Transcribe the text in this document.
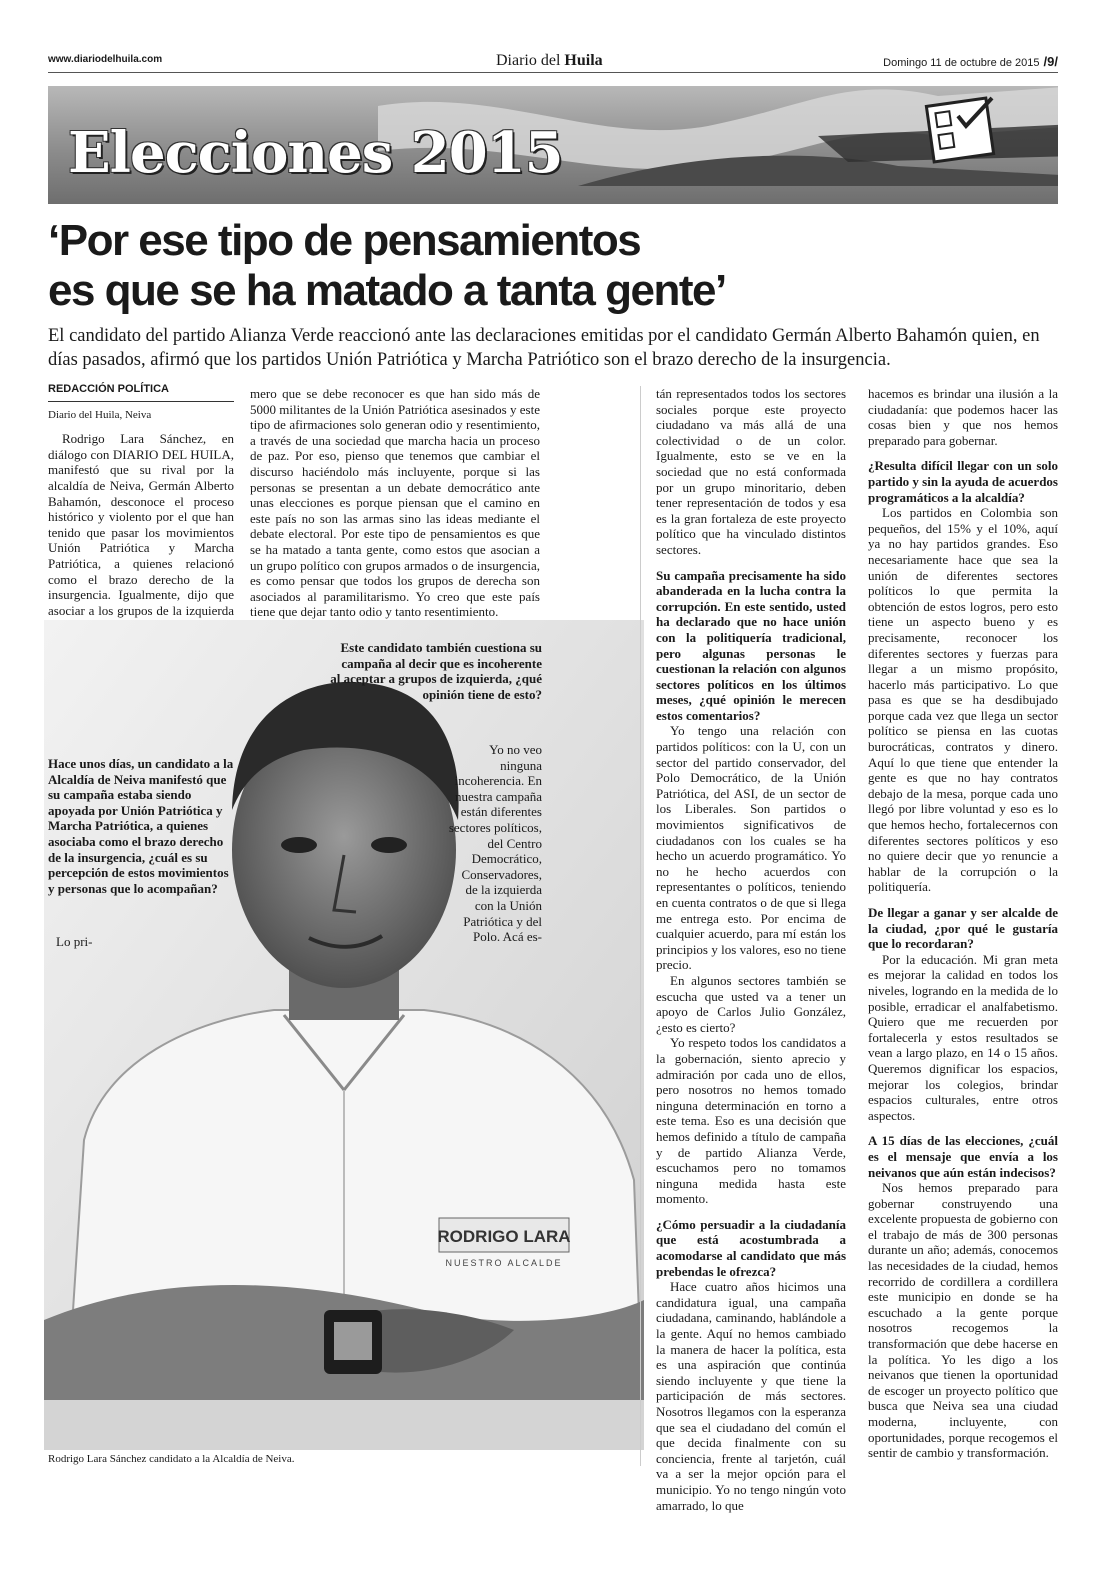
www.diariodelhuila.com	Diario del Huila	Domingo 11 de octubre de 2015 /9/
Elecciones 2015
‘Por ese tipo de pensamientos
es que se ha matado a tanta gente’

El candidato del partido Alianza Verde reaccionó ante las declaraciones emitidas por el candidato Germán Alberto Bahamón quien, en días pasados, afirmó que los partidos Unión Patriótica y Marcha Patriótico son el brazo derecho de la insurgencia.

REDACCIÓN POLÍTICA
Diario del Huila, Neiva

Rodrigo Lara Sánchez, en diálogo con DIARIO DEL HUILA, manifestó que su rival por la alcaldía de Neiva, Germán Alberto Bahamón, desconoce el proceso histórico y violento por el que han tenido que pasar los movimientos Unión Patriótica y Marcha Patriótica, a quienes relacionó como el brazo derecho de la insurgencia. Igualmente, dijo que asociar a los grupos de la izquierda

mero que se debe reconocer es que han sido más de 5000 militantes de la Unión Patriótica asesinados y este tipo de afirmaciones solo generan odio y resentimiento, a través de una sociedad que marcha hacia un proceso de paz. Por eso, pienso que tenemos que cambiar el discurso haciéndolo más incluyente, porque si las personas se presentan a un debate democrático ante unas elecciones es porque piensan que el camino en este país no son las armas sino las ideas mediante el debate electoral. Por este tipo de pensamientos es que se ha matado a tanta gente, como estos que asocian a un grupo político con grupos armados o de insurgencia, es como pensar que todos los grupos de derecha son asociados al paramilitarismo. Yo creo que este país tiene que dejar tanto odio y tanto resentimiento.

RODRIGO LARA
NUESTRO ALCALDE
Rodrigo Lara Sánchez candidato a la Alcaldía de Neiva.
Este candidato también cuestiona su campaña al decir que es incoherente al aceptar a grupos de izquierda, ¿qué opinión tiene de esto?
Yo no veo ninguna incoherencia. En nuestra campaña están diferentes sectores políticos, del Centro Democrático, Conservadores, de la izquierda con la Unión Patriótica y del Polo. Acá es-
Hace unos días, un candidato a la Alcaldía de Neiva manifestó que su campaña estaba siendo apoyada por Unión Patriótica y Marcha Patriótica, a quienes asociaba como el brazo derecho de la insurgencia, ¿cuál es su percepción de estos movimientos y personas que lo acompañan?
Lo pri-

tán representados todos los sectores sociales porque este proyecto ciudadano va más allá de una colectividad o de un color. Igualmente, esto se ve en la sociedad que no está conformada por un grupo minoritario, deben tener representación de todos y esa es la gran fortaleza de este proyecto político que ha vinculado distintos sectores.

Su campaña precisamente ha sido abanderada en la lucha contra la corrupción. En este sentido, usted ha declarado que no hace unión con la politiquería tradicional, pero algunas personas le cuestionan la relación con algunos sectores políticos en los últimos meses, ¿qué opinión le merecen estos comentarios?

Yo tengo una relación con partidos políticos: con la U, con un sector del partido conservador, del Polo Democrático, de la Unión Patriótica, del ASI, de un sector de los Liberales. Son partidos o movimientos significativos de ciudadanos con los cuales se ha hecho un acuerdo programático. Yo no he hecho acuerdos con representantes o políticos, teniendo en cuenta contratos o de que si llega me entrega esto. Por encima de cualquier acuerdo, para mí están los principios y los valores, eso no tiene precio.

En algunos sectores también se escucha que usted va a tener un apoyo de Carlos Julio González, ¿esto es cierto?

Yo respeto todos los candidatos a la gobernación, siento aprecio y admiración por cada uno de ellos, pero nosotros no hemos tomado ninguna determinación en torno a este tema. Eso es una decisión que hemos definido a título de campaña y de partido Alianza Verde, escuchamos pero no tomamos ninguna medida hasta este momento.

¿Cómo persuadir a la ciudadanía que está acostumbrada a acomodarse al candidato que más prebendas le ofrezca?

Hace cuatro años hicimos una candidatura igual, una campaña ciudadana, caminando, hablándole a la gente. Aquí no hemos cambiado la manera de hacer la política, esta es una aspiración que continúa siendo incluyente y que tiene la participación de más sectores. Nosotros llegamos con la esperanza que sea el ciudadano del común el que decida finalmente con su conciencia, frente al tarjetón, cuál va a ser la mejor opción para el municipio. Yo no tengo ningún voto amarrado, lo que

hacemos es brindar una ilusión a la ciudadanía: que podemos hacer las cosas bien y que nos hemos preparado para gobernar.

¿Resulta difícil llegar con un solo partido y sin la ayuda de acuerdos programáticos a la alcaldía?

Los partidos en Colombia son pequeños, del 15% y el 10%, aquí ya no hay partidos grandes. Eso necesariamente hace que sea la unión de diferentes sectores políticos lo que permita la obtención de estos logros, pero esto tiene un aspecto bueno y es precisamente, reconocer los diferentes sectores y fuerzas para llegar a un mismo propósito, hacerlo más participativo. Lo que pasa es que se ha desdibujado porque cada vez que llega un sector político se piensa en las cuotas burocráticas, contratos y dinero. Aquí lo que tiene que entender la gente es que no hay contratos debajo de la mesa, porque cada uno llegó por libre voluntad y eso es lo que hemos hecho, fortalecernos con diferentes sectores políticos y eso no quiere decir que yo renuncie a hablar de la corrupción o la politiquería.

De llegar a ganar y ser alcalde de la ciudad, ¿por qué le gustaría que lo recordaran?

Por la educación. Mi gran meta es mejorar la calidad en todos los niveles, logrando en la medida de lo posible, erradicar el analfabetismo. Quiero que me recuerden por fortalecerla y estos resultados se vean a largo plazo, en 14 o 15 años. Queremos dignificar los espacios, mejorar los colegios, brindar espacios culturales, entre otros aspectos.

A 15 días de las elecciones, ¿cuál es el mensaje que envía a los neivanos que aún están indecisos?

Nos hemos preparado para gobernar construyendo una excelente propuesta de gobierno con el trabajo de más de 300 personas durante un año; además, conocemos las necesidades de la ciudad, hemos recorrido de cordillera a cordillera este municipio en donde se ha escuchado a la gente porque nosotros recogemos la transformación que debe hacerse en la política. Yo les digo a los neivanos que tienen la oportunidad de escoger un proyecto político que busca que Neiva sea una ciudad moderna, incluyente, con oportunidades, porque recogemos el sentir de cambio y transformación.
